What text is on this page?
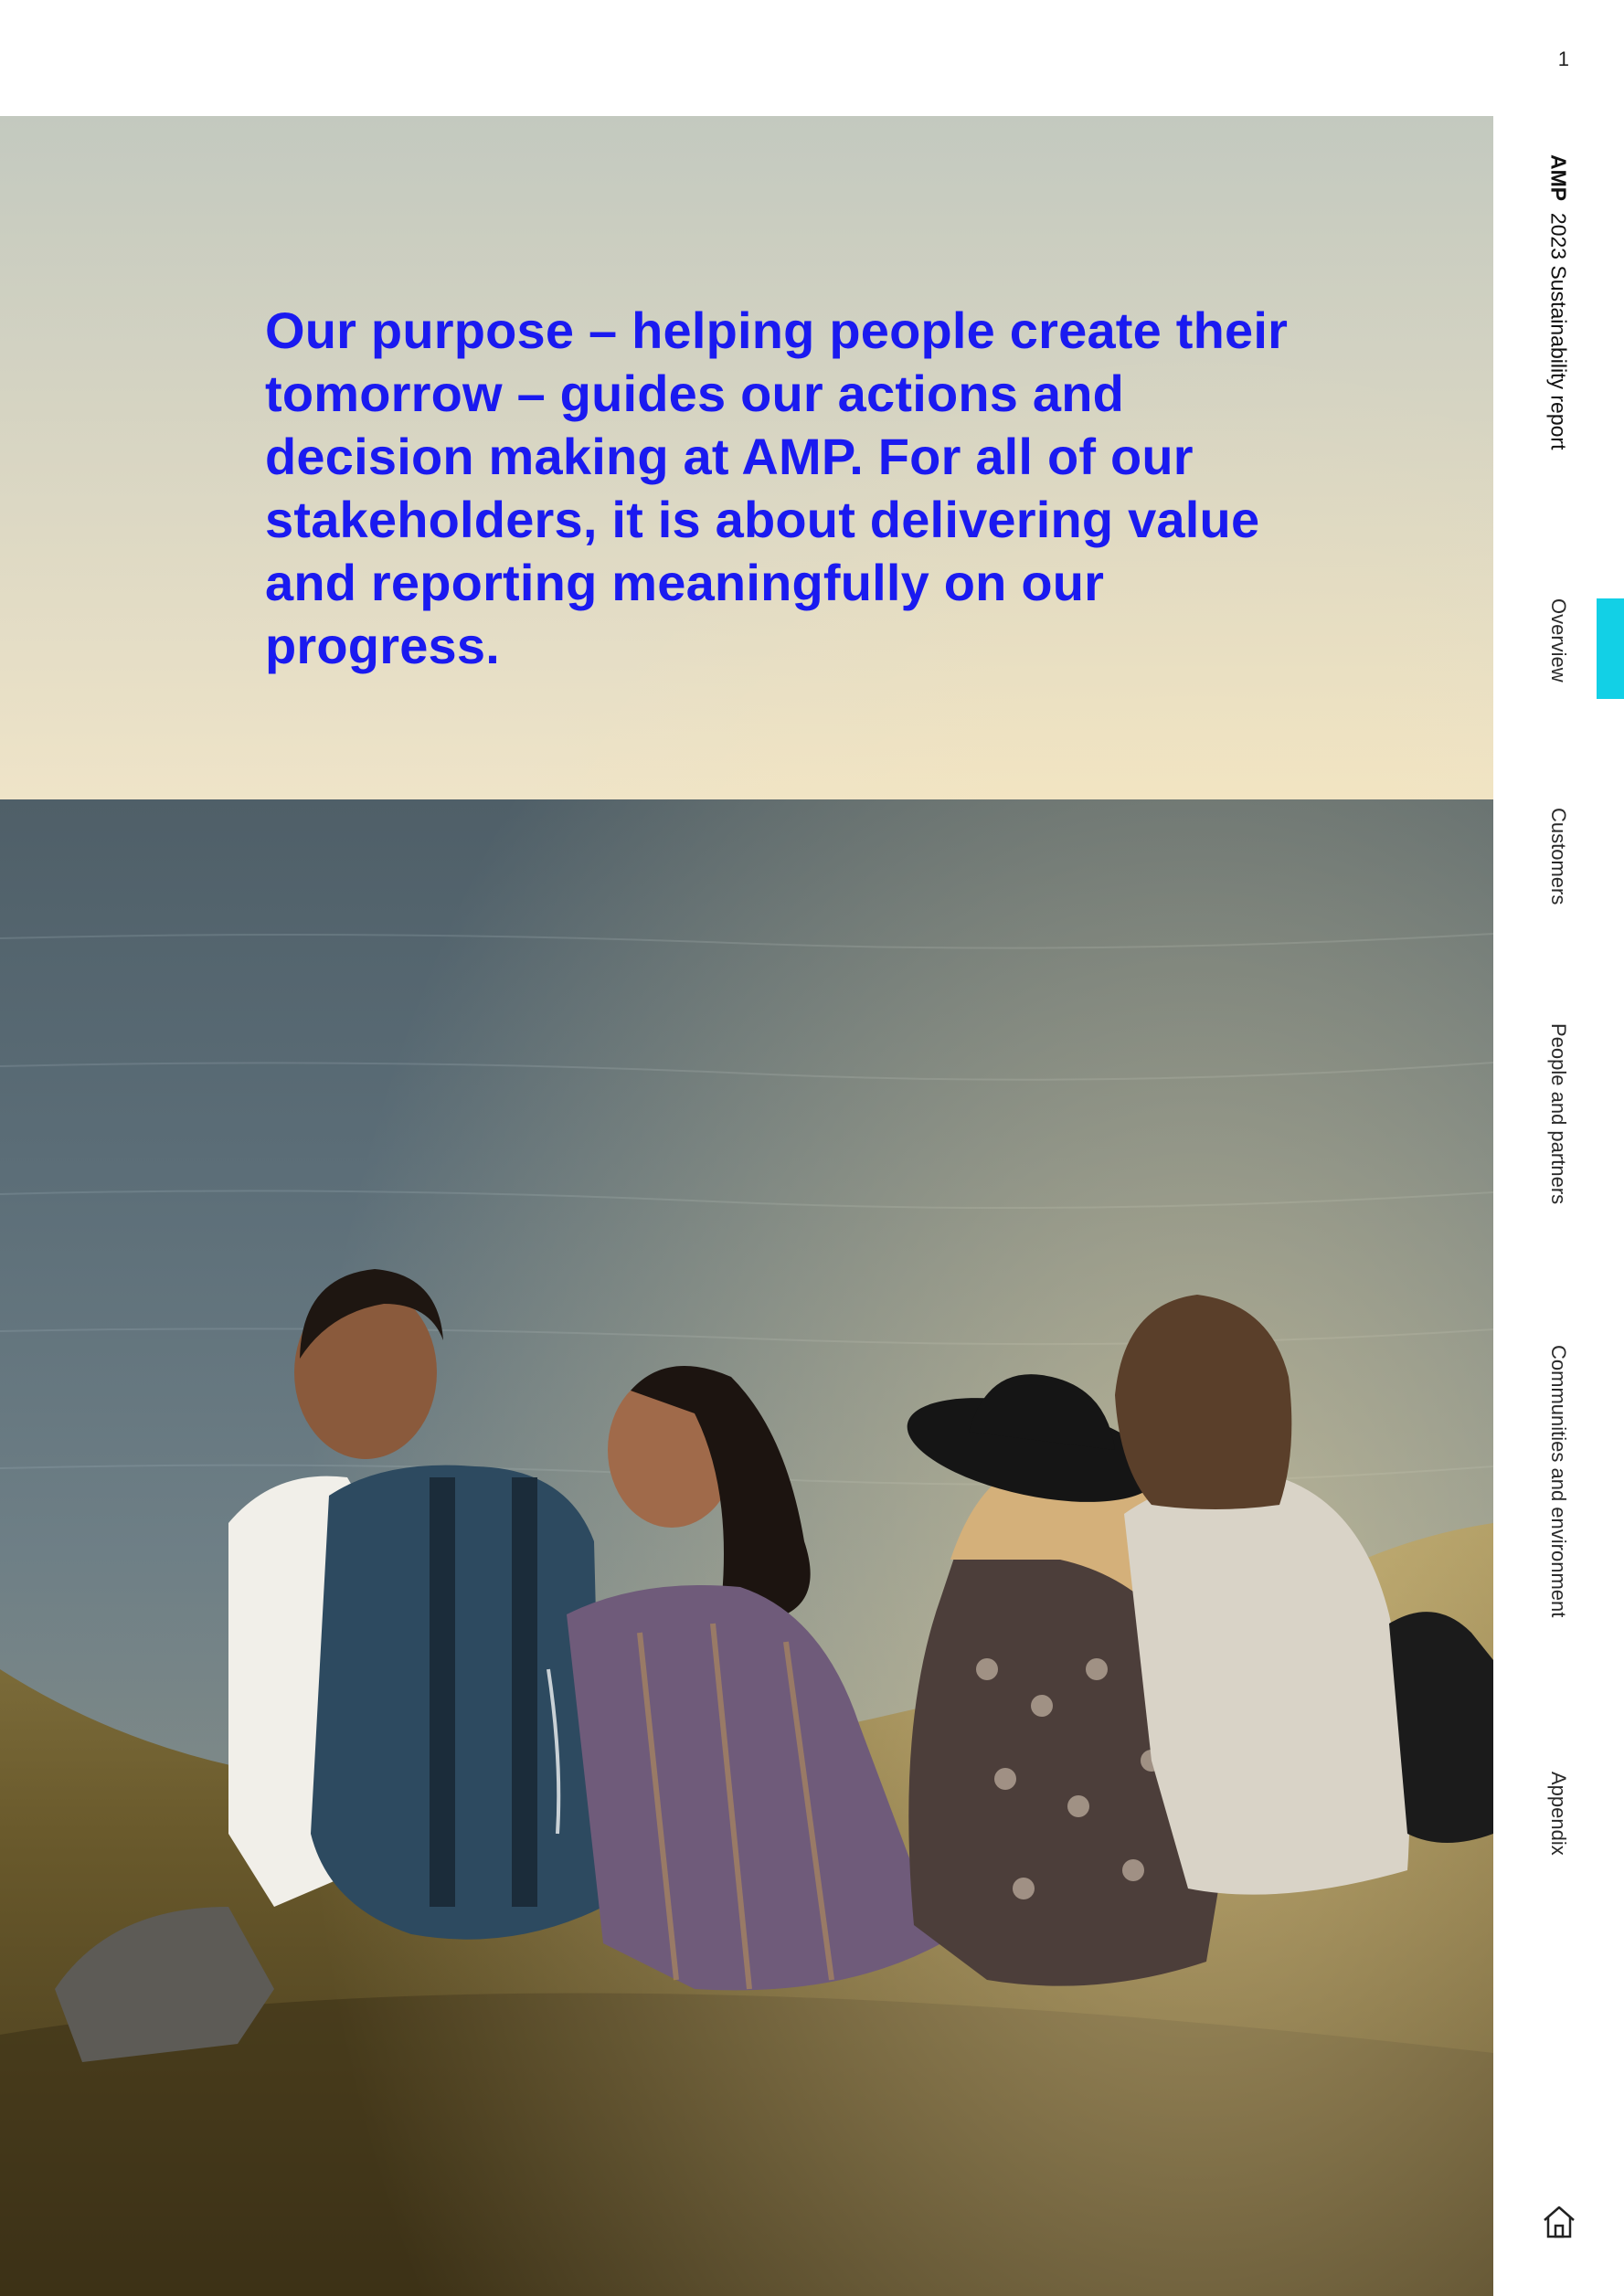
1

Our purpose – helping people create their tomorrow – guides our actions and decision making at AMP. For all of our stakeholders, it is about delivering value and reporting meaningfully on our progress.

AMP  2023 Sustainability report
Overview
Customers
People and partners
Communities and environment
Appendix
